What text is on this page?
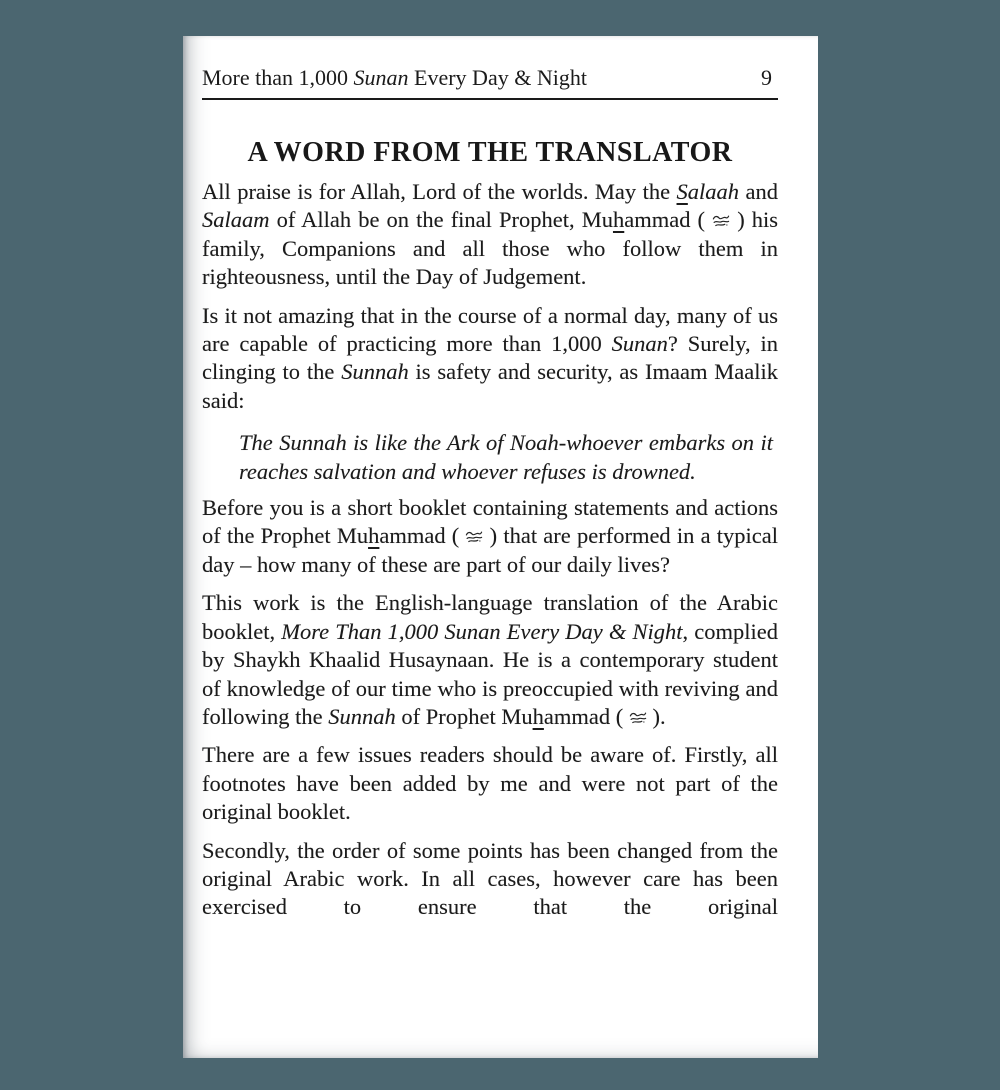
More than 1,000 Sunan Every Day & Night	9
A WORD FROM THE TRANSLATOR

All praise is for Allah, Lord of the worlds. May the Salaah and Salaam of Allah be on the final Prophet, Muhammad ( ) his family, Companions and all those who follow them in righteousness, until the Day of Judgement.

Is it not amazing that in the course of a normal day, many of us are capable of practicing more than 1,000 Sunan? Surely, in clinging to the Sunnah is safety and security, as Imaam Maalik said:

The Sunnah is like the Ark of Noah-whoever embarks on it reaches salvation and whoever refuses is drowned.

Before you is a short booklet containing statements and actions of the Prophet Muhammad ( ) that are performed in a typical day – how many of these are part of our daily lives?

This work is the English-language translation of the Arabic booklet, More Than 1,000 Sunan Every Day & Night, complied by Shaykh Khaalid Husaynaan. He is a contemporary student of knowledge of our time who is preoccupied with reviving and following the Sunnah of Prophet Muhammad ( ).

There are a few issues readers should be aware of. Firstly, all footnotes have been added by me and were not part of the original booklet.

Secondly, the order of some points has been changed from the original Arabic work. In all cases, however care has been exercised to ensure that the original
